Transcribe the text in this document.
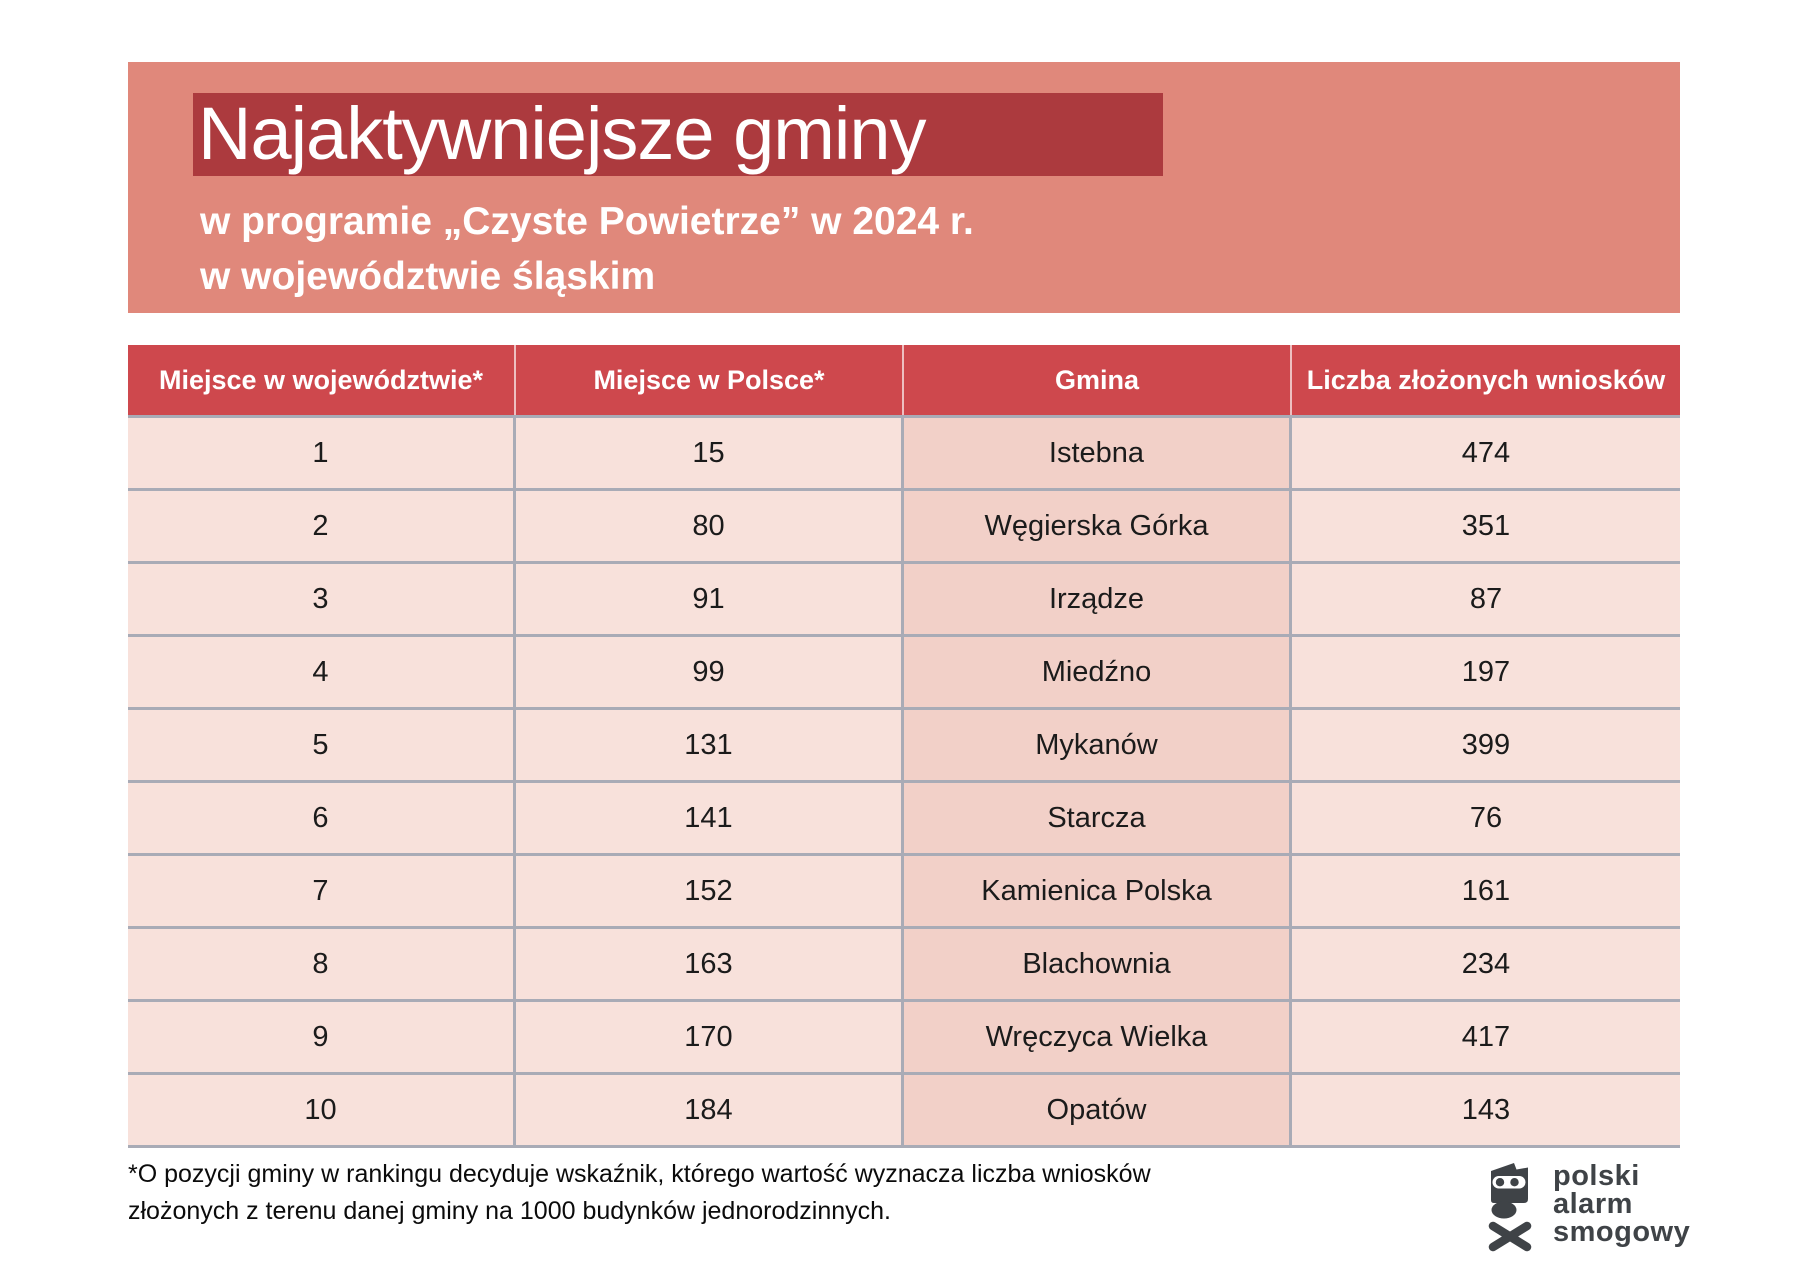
Najaktywniejsze gminy
w programie „Czyste Powietrze” w 2024 r.
w województwie śląskim
Miejsce w województwie*	Miejsce w Polsce*	Gmina	Liczba złożonych wniosków
1	15	Istebna	474
2	80	Węgierska Górka	351
3	91	Irządze	87
4	99	Miedźno	197
5	131	Mykanów	399
6	141	Starcza	76
7	152	Kamienica Polska	161
8	163	Blachownia	234
9	170	Wręczyca Wielka	417
10	184	Opatów	143
*O pozycji gminy w rankingu decyduje wskaźnik, którego wartość wyznacza liczba wniosków
złożonych z terenu danej gminy na 1000 budynków jednorodzinnych.
polski
alarm
smogowy
